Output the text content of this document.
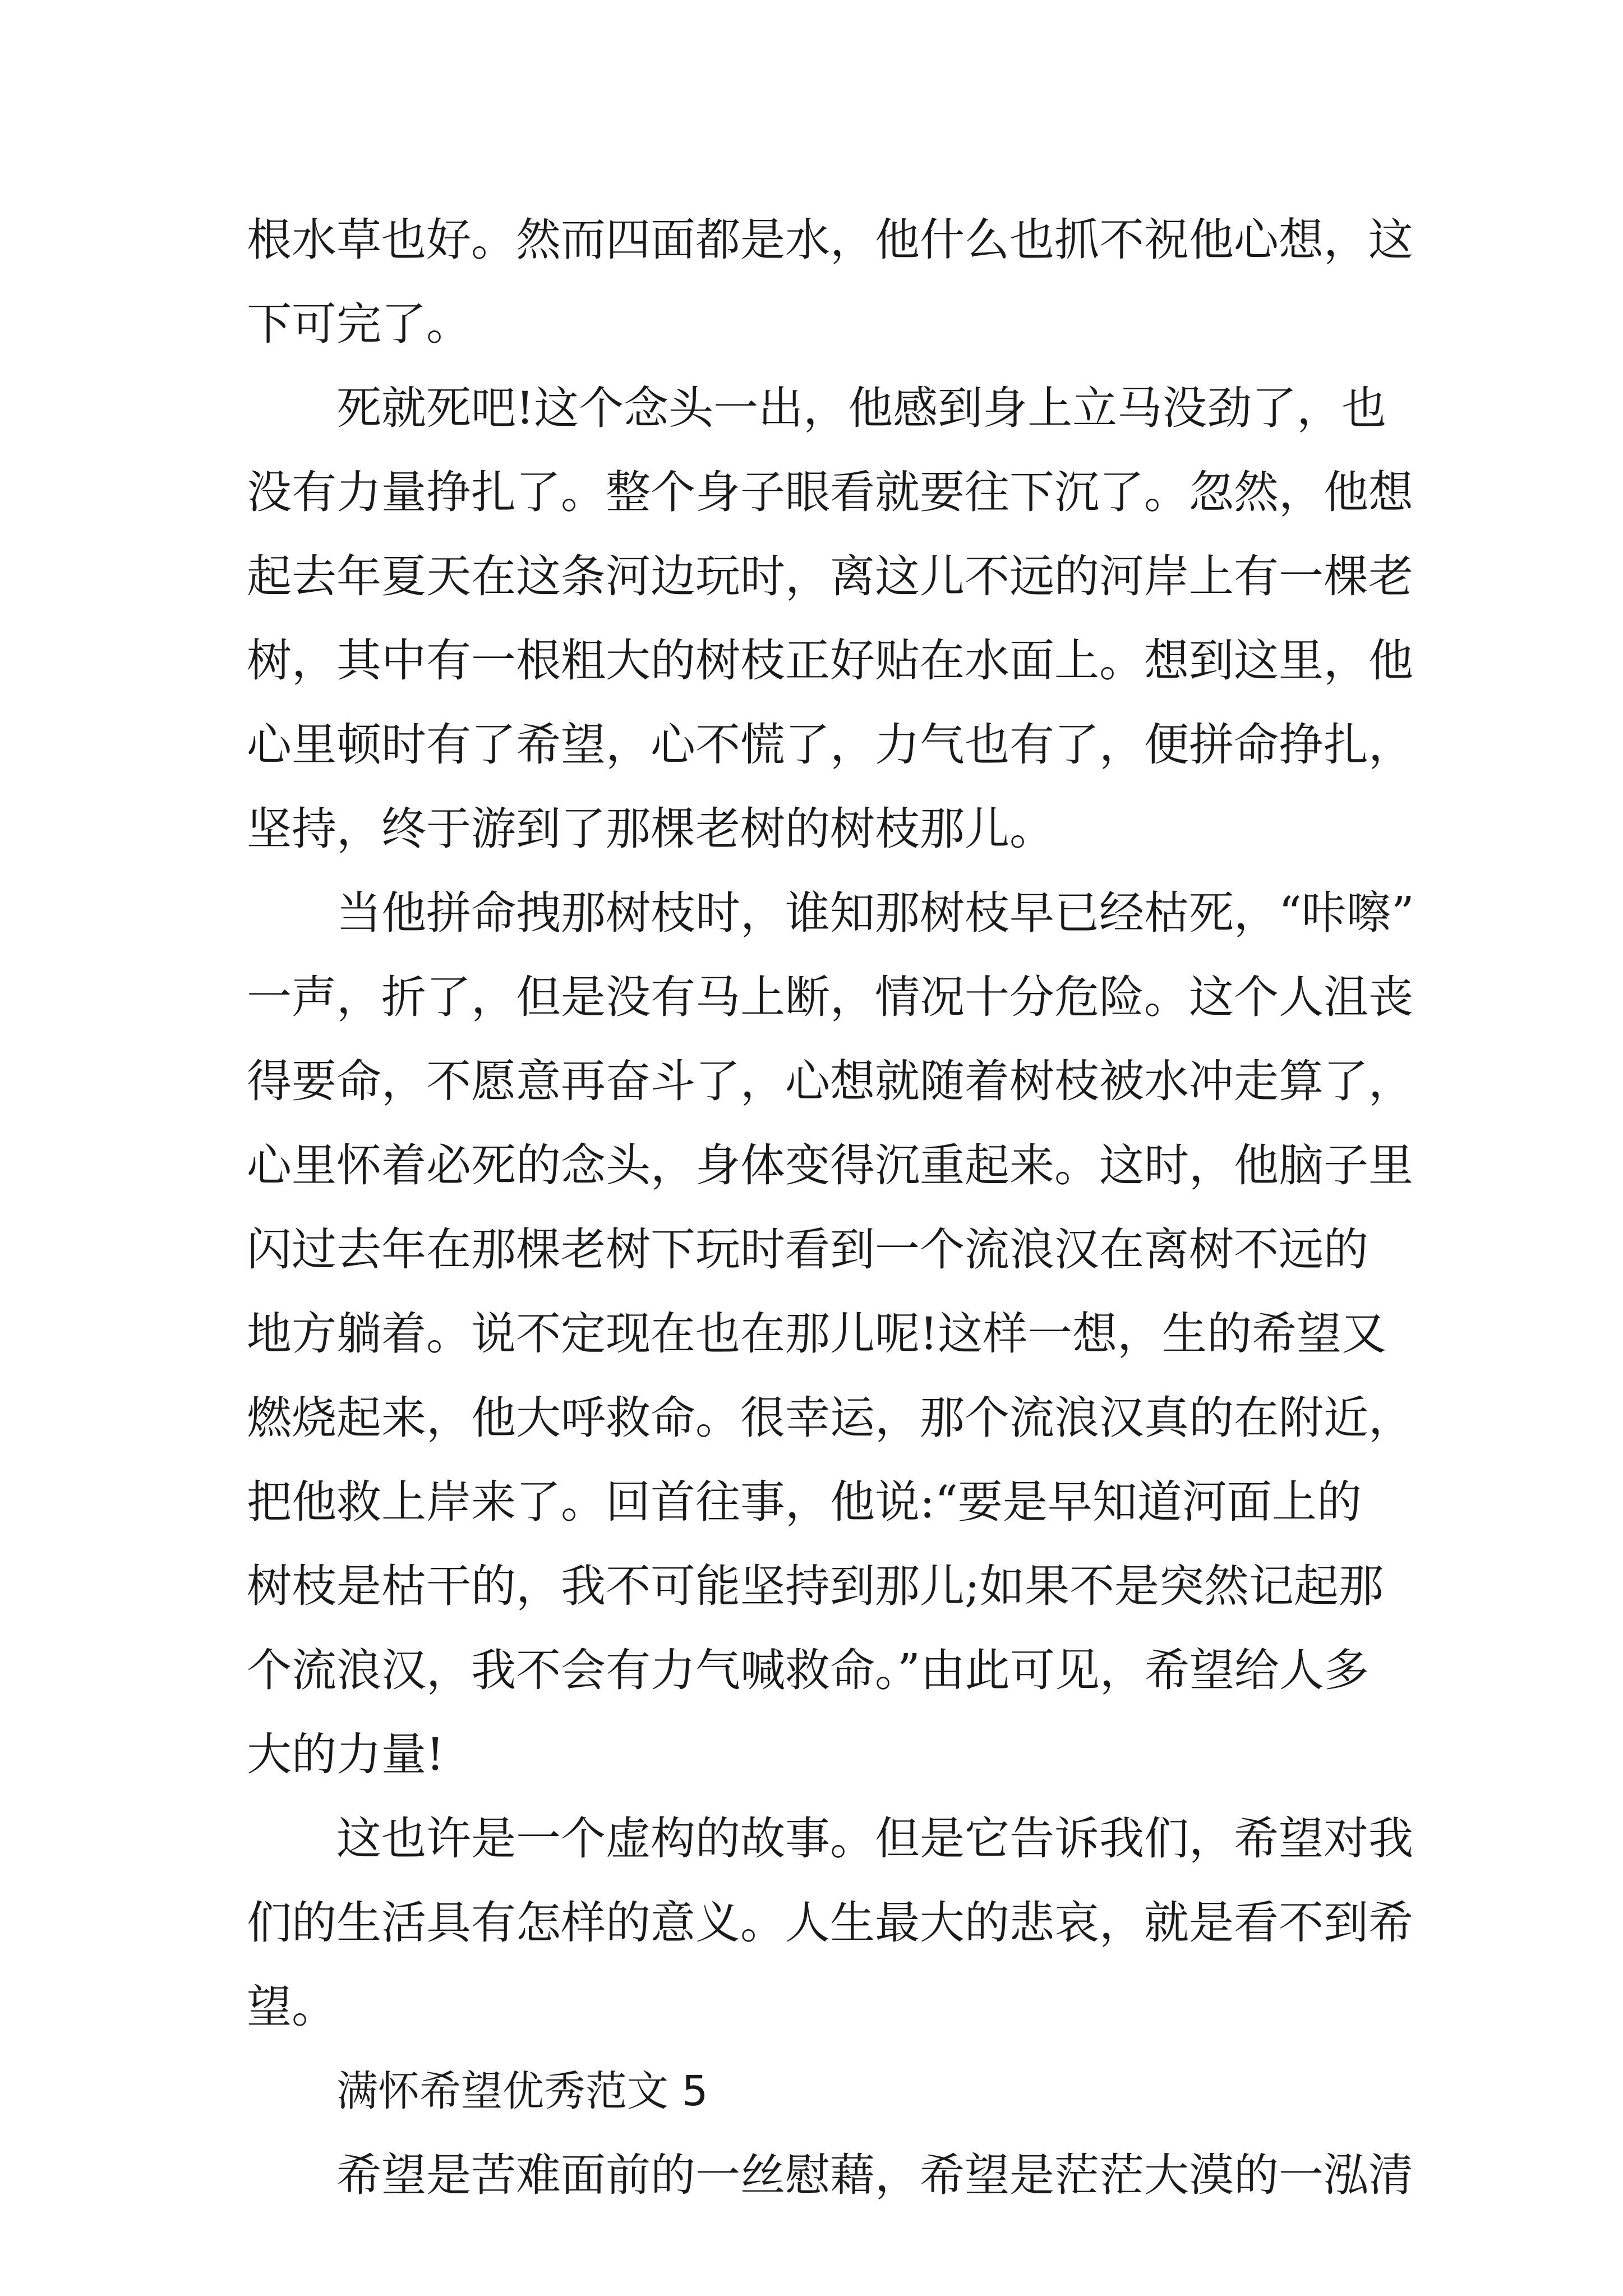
根水草也好。然而四面都是水，他什么也抓不祝他心想，这
下可完了。
死就死吧!这个念头一出，他感到身上立马没劲了，也
没有力量挣扎了。整个身子眼看就要往下沉了。忽然，他想
起去年夏天在这条河边玩时，离这儿不远的河岸上有一棵老
树，其中有一根粗大的树枝正好贴在水面上。想到这里，他
心里顿时有了希望，心不慌了，力气也有了，便拼命挣扎，
坚持，终于游到了那棵老树的树枝那儿。
当他拼命拽那树枝时，谁知那树枝早已经枯死，“咔嚓”
一声，折了，但是没有马上断，情况十分危险。这个人沮丧
得要命，不愿意再奋斗了，心想就随着树枝被水冲走算了，
心里怀着必死的念头，身体变得沉重起来。这时，他脑子里
闪过去年在那棵老树下玩时看到一个流浪汉在离树不远的
地方躺着。说不定现在也在那儿呢!这样一想，生的希望又
燃烧起来，他大呼救命。很幸运，那个流浪汉真的在附近，
把他救上岸来了。回首往事，他说:“要是早知道河面上的
树枝是枯干的，我不可能坚持到那儿;如果不是突然记起那
个流浪汉，我不会有力气喊救命。”由此可见，希望给人多
大的力量!
这也许是一个虚构的故事。但是它告诉我们，希望对我
们的生活具有怎样的意义。人生最大的悲哀，就是看不到希
望。
满怀希望优秀范文 5
希望是苦难面前的一丝慰藉，希望是茫茫大漠的一泓清
